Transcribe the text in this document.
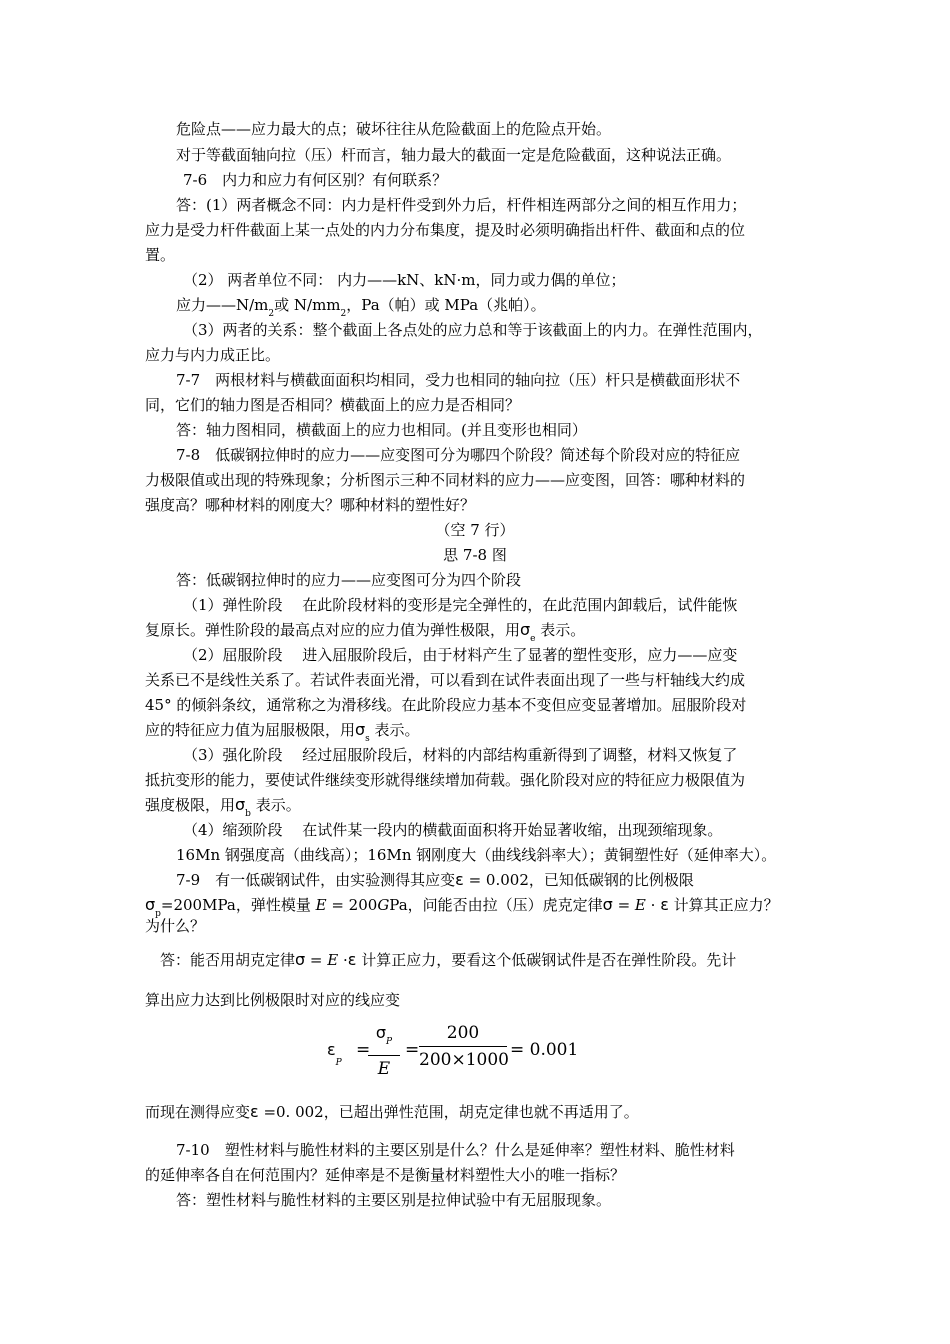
危险点——应力最大的点；破坏往往从危险截面上的危险点开始。
对于等截面轴向拉（压）杆而言，轴力最大的截面一定是危险截面，这种说法正确。
7-6　内力和应力有何区别？有何联系？
答：(1）两者概念不同：内力是杆件受到外力后，杆件相连两部分之间的相互作用力；
应力是受力杆件截面上某一点处的内力分布集度，提及时必须明确指出杆件、截面和点的位
置。
（2） 两者单位不同： 内力——kN、kN·m，同力或力偶的单位；
应力$——N/m_2$或 $N/mm_2$，Pa（帕）或 MPa（兆帕）。
（3）两者的关系：整个截面上各点处的应力总和等于该截面上的内力。在弹性范围内，
应力与内力成正比。
7-7　两根材料与横截面面积均相同，受力也相同的轴向拉（压）杆只是横截面形状不
同，它们的轴力图是否相同？横截面上的应力是否相同？
答：轴力图相同，横截面上的应力也相同。(并且变形也相同）
7-8　低碳钢拉伸时的应力——应变图可分为哪四个阶段？简述每个阶段对应的特征应
力极限值或出现的特殊现象；分析图示三种不同材料的应力——应变图，回答：哪种材料的
强度高？哪种材料的刚度大？哪种材料的塑性好？
（空 7 行）
思 7-8 图
答：低碳钢拉伸时的应力——应变图可分为四个阶段
（1）弹性阶段　 在此阶段材料的变形是完全弹性的，在此范围内卸载后，试件能恢
复原长。弹性阶段的最高点对应的应力值为弹性极限，用$\sigma_e$ 表示。
（2）屈服阶段　 进入屈服阶段后，由于材料产生了显著的塑性变形，应力——应变
关系已不是线性关系了。若试件表面光滑，可以看到在试件表面出现了一些与杆轴线大约成
45° 的倾斜条纹，通常称之为滑移线。在此阶段应力基本不变但应变显著增加。屈服阶段对
应的特征应力值为屈服极限，用$\sigma_s$ 表示。
（3）强化阶段　 经过屈服阶段后，材料的内部结构重新得到了调整，材料又恢复了
抵抗变形的能力，要使试件继续变形就得继续增加荷载。强化阶段对应的特征应力极限值为
强度极限，用$\sigma_b$ 表示。
（4）缩颈阶段　 在试件某一段内的横截面面积将开始显著收缩，出现颈缩现象。
16Mn 钢强度高（曲线高）；16Mn 钢刚度大（曲线线斜率大）；黄铜塑性好（延伸率大）。
7-9　有一低碳钢试件，由实验测得其应变ε = 0.002，已知低碳钢的比例极限
$\sigma_p=200MPa$，弹性模量 E = 200GPa，问能否由拉（压）虎克定律σ = E · ε 计算其正应力？
为什么？
答：能否用胡克定律σ = E ·ε 计算正应力，要看这个低碳钢试件是否在弹性阶段。先计
算出应力达到比例极限时对应的线应变
$\varepsilon_P$
=
$\sigma_P$
E
=
200
200×1000 = 0.001
而现在测得应变ε =0. 002，已超出弹性范围，胡克定律也就不再适用了。
7-10　塑性材料与脆性材料的主要区别是什么？什么是延伸率？塑性材料、脆性材料
的延伸率各自在何范围内？延伸率是不是衡量材料塑性大小的唯一指标？
答：塑性材料与脆性材料的主要区别是拉伸试验中有无屈服现象。
